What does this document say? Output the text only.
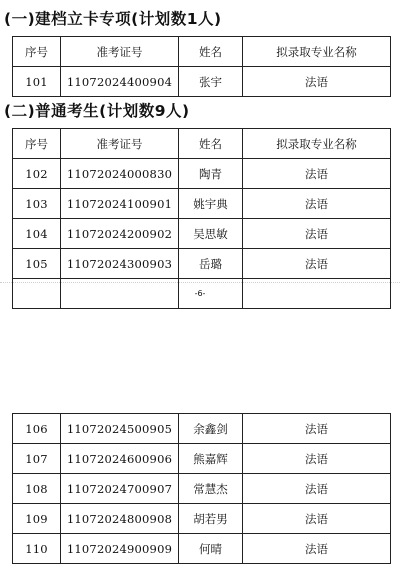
(一)建档立卡专项(计划数1人)
序号	准考证号	姓名	拟录取专业名称
101	11072024400904	张宇	法语
(二)普通考生(计划数9人)
序号	准考证号	姓名	拟录取专业名称
102	11072024000830	陶青	法语
103	11072024100901	姚宇典	法语
104	11072024200902	吴思敏	法语
105	11072024300903	岳璐	法语

-6-
106	11072024500905	余鑫剑	法语
107	11072024600906	熊嘉辉	法语
108	11072024700907	常慧杰	法语
109	11072024800908	胡若男	法语
110	11072024900909	何晴	法语
